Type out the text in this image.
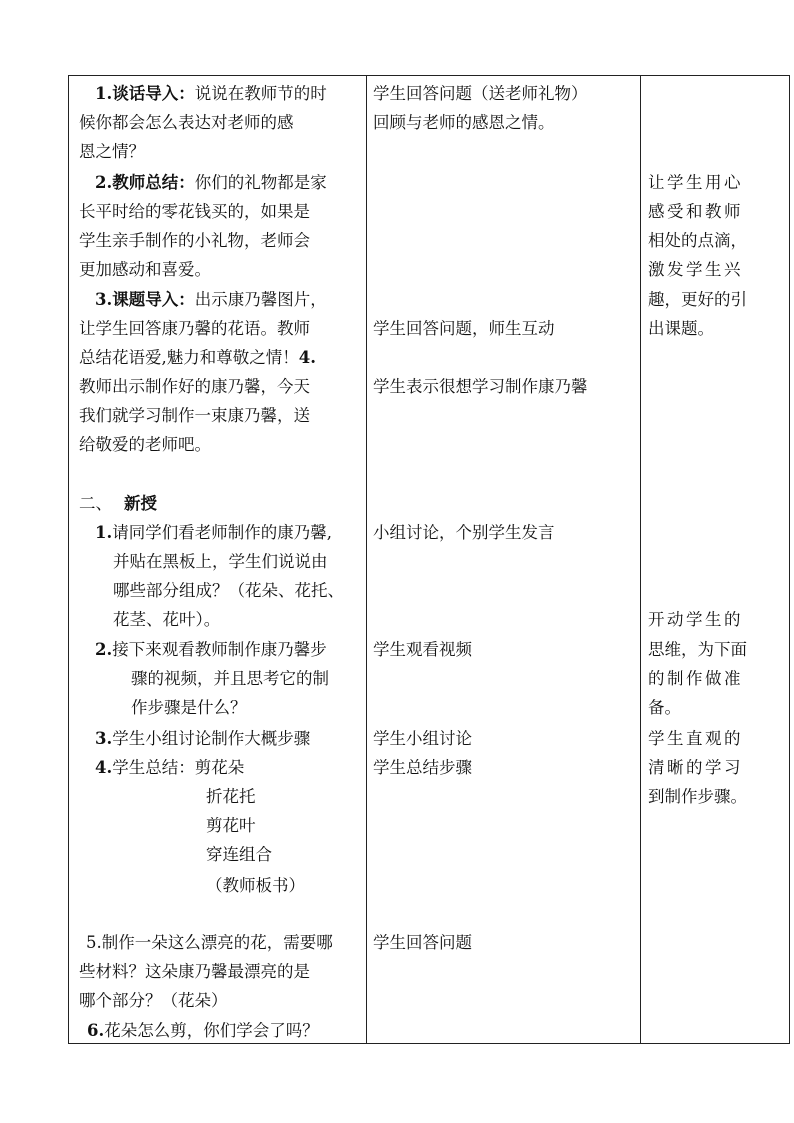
1.谈话导入：说说在教师节的时
候你都会怎么表达对老师的感
恩之情？
2.教师总结：你们的礼物都是家
长平时给的零花钱买的，如果是
学生亲手制作的小礼物，老师会
更加感动和喜爱。
3.课题导入：出示康乃馨图片，
让学生回答康乃馨的花语。教师
总结花语爱,魅力和尊敬之情！4.
教师出示制作好的康乃馨，今天
我们就学习制作一束康乃馨，送
给敬爱的老师吧。
二、 新授
1.请同学们看老师制作的康乃馨,
并贴在黑板上，学生们说说由
哪些部分组成？（花朵、花托、
花茎、花叶）。
2.接下来观看教师制作康乃馨步
骤的视频，并且思考它的制
作步骤是什么？
3.学生小组讨论制作大概步骤
4.学生总结：剪花朵
折花托
剪花叶
穿连组合
（教师板书）
5.制作一朵这么漂亮的花，需要哪
些材料？这朵康乃馨最漂亮的是
哪个部分？（花朵）
6.花朵怎么剪，你们学会了吗？
学生回答问题（送老师礼物）
回顾与老师的感恩之情。
学生回答问题，师生互动
学生表示很想学习制作康乃馨
小组讨论，个别学生发言
学生观看视频
学生小组讨论
学生总结步骤
学生回答问题
让学生用心
感受和教师
相处的点滴，
激发学生兴
趣，更好的引
出课题。
开动学生的
思维，为下面
的制作做准
备。
学生直观的
清晰的学习
到制作步骤。
